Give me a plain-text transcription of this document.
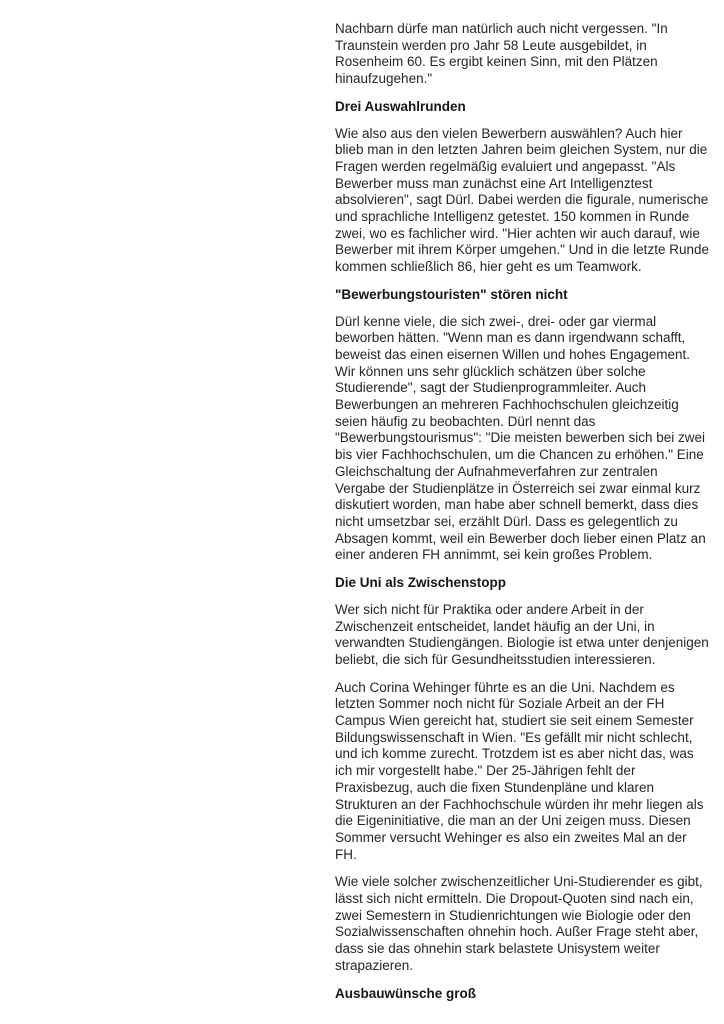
Nachbarn dürfe man natürlich auch nicht vergessen. "In Traunstein werden pro Jahr 58 Leute ausgebildet, in Rosenheim 60. Es ergibt keinen Sinn, mit den Plätzen hinaufzugehen."

Drei Auswahlrunden

Wie also aus den vielen Bewerbern auswählen? Auch hier blieb man in den letzten Jahren beim gleichen System, nur die Fragen werden regelmäßig evaluiert und angepasst. "Als Bewerber muss man zunächst eine Art Intelligenztest absolvieren", sagt Dürl. Dabei werden die figurale, numerische und sprachliche Intelligenz getestet. 150 kommen in Runde zwei, wo es fachlicher wird. "Hier achten wir auch darauf, wie Bewerber mit ihrem Körper umgehen." Und in die letzte Runde kommen schließlich 86, hier geht es um Teamwork.

"Bewerbungstouristen" stören nicht

Dürl kenne viele, die sich zwei-, drei- oder gar viermal beworben hätten. "Wenn man es dann irgendwann schafft, beweist das einen eisernen Willen und hohes Engagement. Wir können uns sehr glücklich schätzen über solche Studierende", sagt der Studienprogrammleiter. Auch Bewerbungen an mehreren Fachhochschulen gleichzeitig seien häufig zu beobachten. Dürl nennt das "Bewerbungstourismus": "Die meisten bewerben sich bei zwei bis vier Fachhochschulen, um die Chancen zu erhöhen." Eine Gleichschaltung der Aufnahmeverfahren zur zentralen Vergabe der Studienplätze in Österreich sei zwar einmal kurz diskutiert worden, man habe aber schnell bemerkt, dass dies nicht umsetzbar sei, erzählt Dürl. Dass es gelegentlich zu Absagen kommt, weil ein Bewerber doch lieber einen Platz an einer anderen FH annimmt, sei kein großes Problem.

Die Uni als Zwischenstopp

Wer sich nicht für Praktika oder andere Arbeit in der Zwischenzeit entscheidet, landet häufig an der Uni, in verwandten Studiengängen. Biologie ist etwa unter denjenigen beliebt, die sich für Gesundheitsstudien interessieren.

Auch Corina Wehinger führte es an die Uni. Nachdem es letzten Sommer noch nicht für Soziale Arbeit an der FH Campus Wien gereicht hat, studiert sie seit einem Semester Bildungswissenschaft in Wien. "Es gefällt mir nicht schlecht, und ich komme zurecht. Trotzdem ist es aber nicht das, was ich mir vorgestellt habe." Der 25-Jährigen fehlt der Praxisbezug, auch die fixen Stundenpläne und klaren Strukturen an der Fachhochschule würden ihr mehr liegen als die Eigeninitiative, die man an der Uni zeigen muss. Diesen Sommer versucht Wehinger es also ein zweites Mal an der FH.

Wie viele solcher zwischenzeitlicher Uni-Studierender es gibt, lässt sich nicht ermitteln. Die Dropout-Quoten sind nach ein, zwei Semestern in Studienrichtungen wie Biologie oder den Sozialwissenschaften ohnehin hoch. Außer Frage steht aber, dass sie das ohnehin stark belastete Unisystem weiter strapazieren.

Ausbauwünsche groß
